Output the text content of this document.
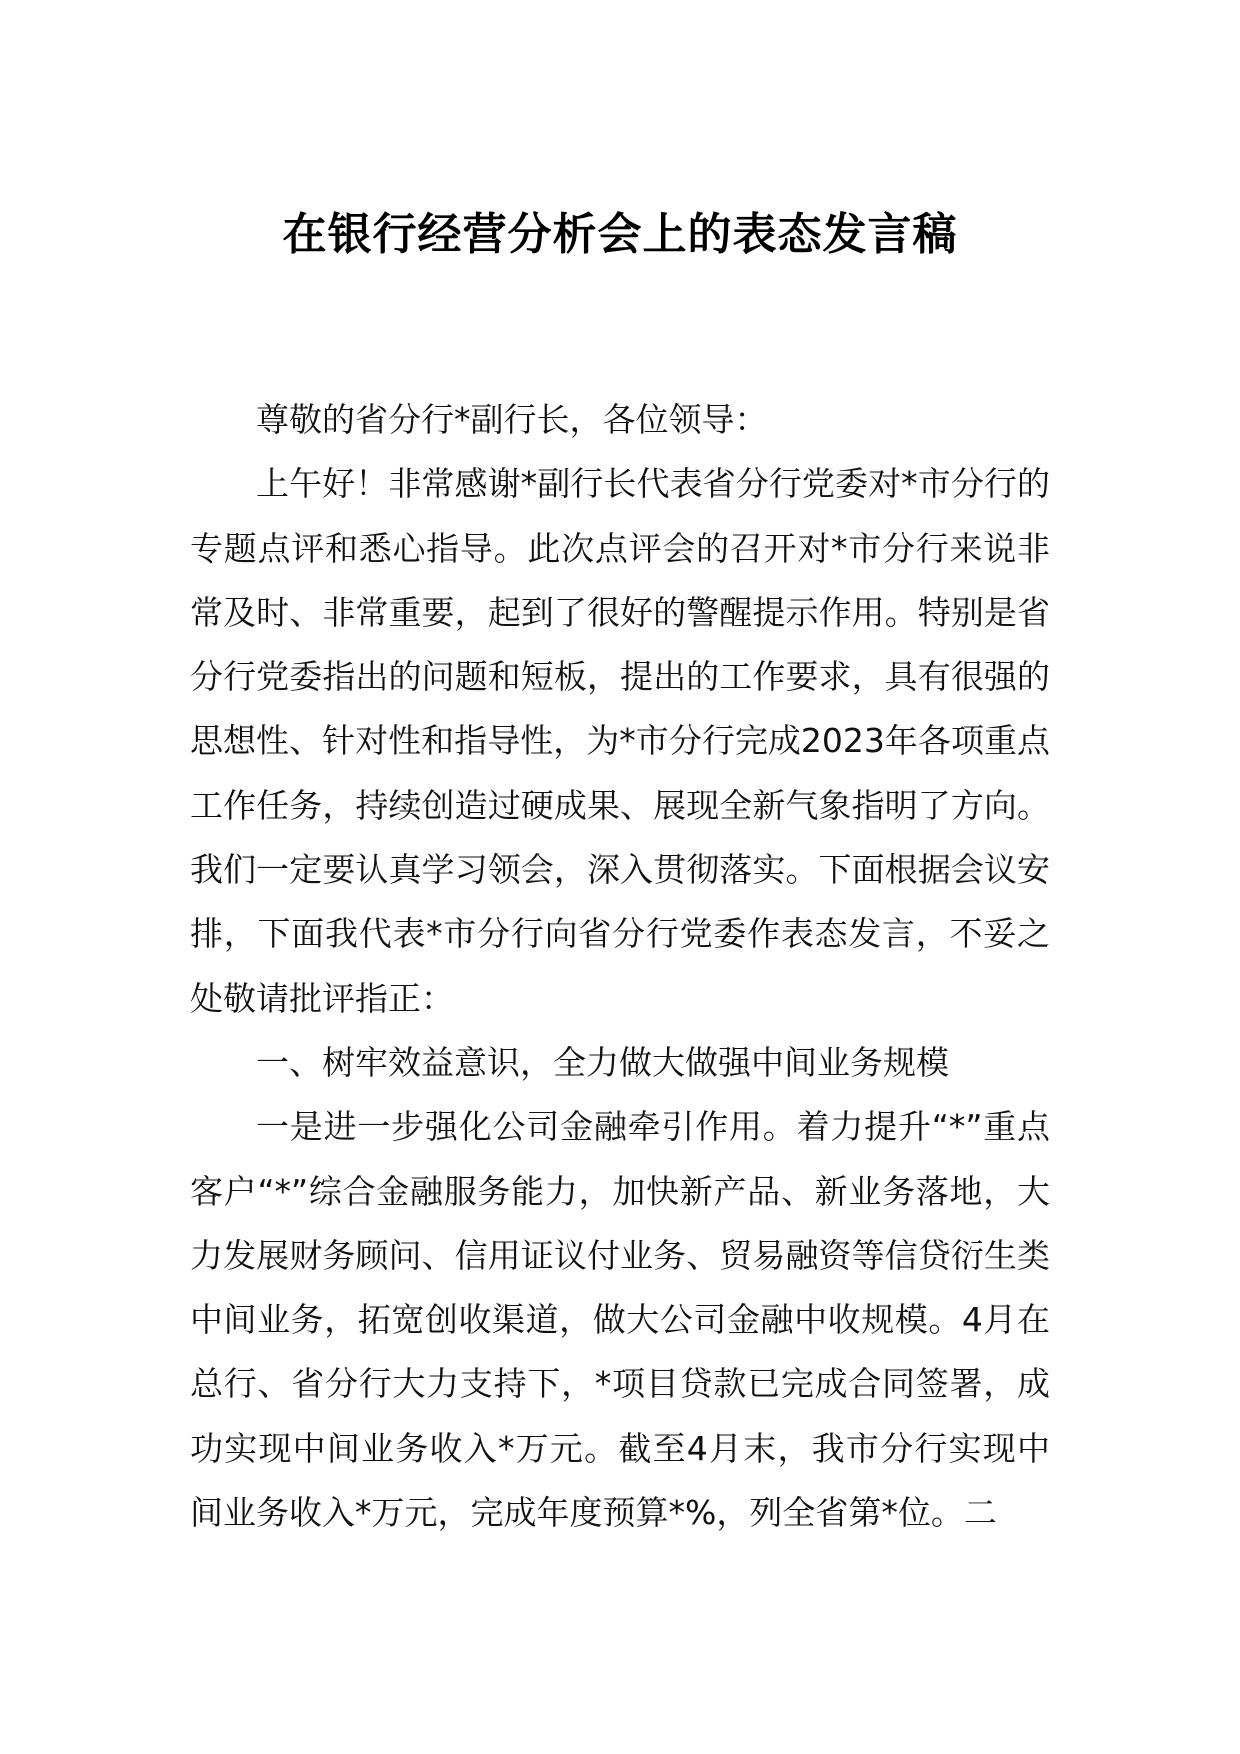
在银行经营分析会上的表态发言稿

尊敬的省分行*副行长，各位领导：

上午好！非常感谢*副行长代表省分行党委对*市分行的专题点评和悉心指导。此次点评会的召开对*市分行来说非常及时、非常重要，起到了很好的警醒提示作用。特别是省分行党委指出的问题和短板，提出的工作要求，具有很强的思想性、针对性和指导性，为*市分行完成2023年各项重点工作任务，持续创造过硬成果、展现全新气象指明了方向。我们一定要认真学习领会，深入贯彻落实。下面根据会议安排，下面我代表*市分行向省分行党委作表态发言，不妥之处敬请批评指正：

一、树牢效益意识，全力做大做强中间业务规模

一是进一步强化公司金融牵引作用。着力提升“*”重点客户“*”综合金融服务能力，加快新产品、新业务落地，大力发展财务顾问、信用证议付业务、贸易融资等信贷衍生类中间业务，拓宽创收渠道，做大公司金融中收规模。4月在总行、省分行大力支持下，*项目贷款已完成合同签署，成功实现中间业务收入*万元。截至4月末，我市分行实现中间业务收入*万元，完成年度预算*%，列全省第*位。二
